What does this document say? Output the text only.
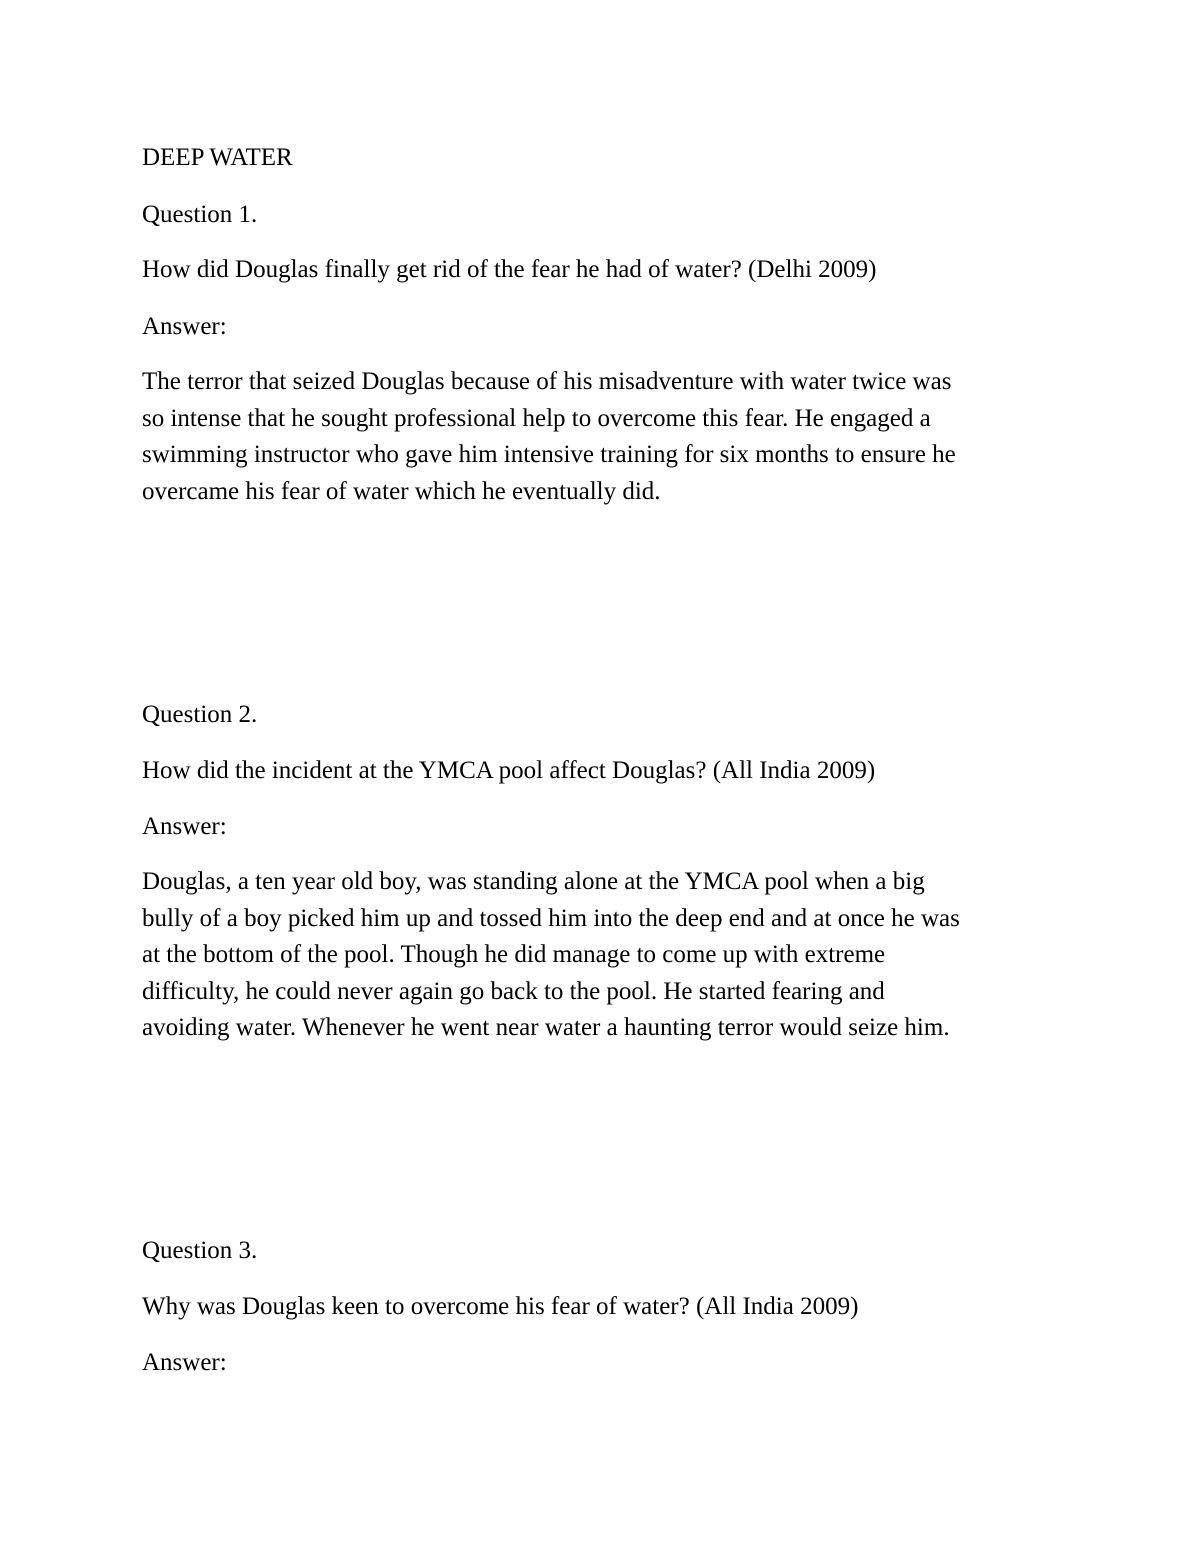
DEEP WATER
Question 1.
How did Douglas finally get rid of the fear he had of water? (Delhi 2009)
Answer:
The terror that seized Douglas because of his misadventure with water twice was
so intense that he sought professional help to overcome this fear. He engaged a
swimming instructor who gave him intensive training for six months to ensure he
overcame his fear of water which he eventually did.
Question 2.
How did the incident at the YMCA pool affect Douglas? (All India 2009)
Answer:
Douglas, a ten year old boy, was standing alone at the YMCA pool when a big
bully of a boy picked him up and tossed him into the deep end and at once he was
at the bottom of the pool. Though he did manage to come up with extreme
difficulty, he could never again go back to the pool. He started fearing and
avoiding water. Whenever he went near water a haunting terror would seize him.
Question 3.
Why was Douglas keen to overcome his fear of water? (All India 2009)
Answer:
